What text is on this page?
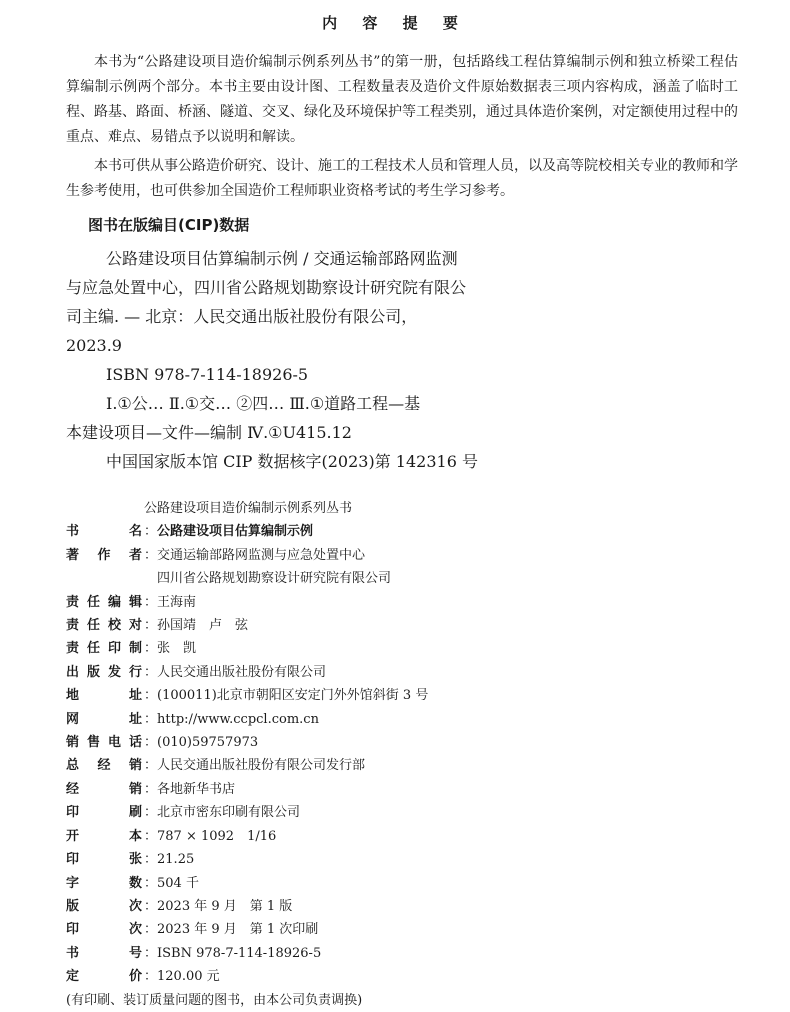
内 容 提 要

本书为“公路建设项目造价编制示例系列丛书”的第一册，包括路线工程估算编制示例和独立桥梁工程估算编制示例两个部分。本书主要由设计图、工程数量表及造价文件原始数据表三项内容构成，涵盖了临时工程、路基、路面、桥涵、隧道、交叉、绿化及环境保护等工程类别，通过具体造价案例，对定额使用过程中的重点、难点、易错点予以说明和解读。

本书可供从事公路造价研究、设计、施工的工程技术人员和管理人员，以及高等院校相关专业的教师和学生参考使用，也可供参加全国造价工程师职业资格考试的考生学习参考。

图书在版编目(CIP)数据
公路建设项目估算编制示例 / 交通运输部路网监测
与应急处置中心，四川省公路规划勘察设计研究院有限公
司主编. — 北京：人民交通出版社股份有限公司，
2023.9
ISBN 978-7-114-18926-5
Ⅰ.①公… Ⅱ.①交… ②四… Ⅲ.①道路工程—基
本建设项目—文件—编制 Ⅳ.①U415.12
中国国家版本馆 CIP 数据核字(2023)第 142316 号
公路建设项目造价编制示例系列丛书
书　　名 ： 公路建设项目估算编制示例
著 作 者 ： 交通运输部路网监测与应急处置中心
四川省公路规划勘察设计研究院有限公司
责任编辑 ： 王海南
责任校对 ： 孙国靖　卢　弦
责任印制 ： 张　凯
出版发行 ： 人民交通出版社股份有限公司
地　　址 ： (100011)北京市朝阳区安定门外外馆斜街 3 号
网　　址 ： http://www.ccpcl.com.cn
销售电话 ： (010)59757973
总 经 销 ： 人民交通出版社股份有限公司发行部
经　　销 ： 各地新华书店
印　　刷 ： 北京市密东印刷有限公司
开　　本 ： 787 × 1092　1/16
印　　张 ： 21.25
字　　数 ： 504 千
版　　次 ： 2023 年 9 月　第 1 版
印　　次 ： 2023 年 9 月　第 1 次印刷
书　　号 ： ISBN 978-7-114-18926-5
定　　价 ： 120.00 元
(有印刷、装订质量问题的图书，由本公司负责调换)
